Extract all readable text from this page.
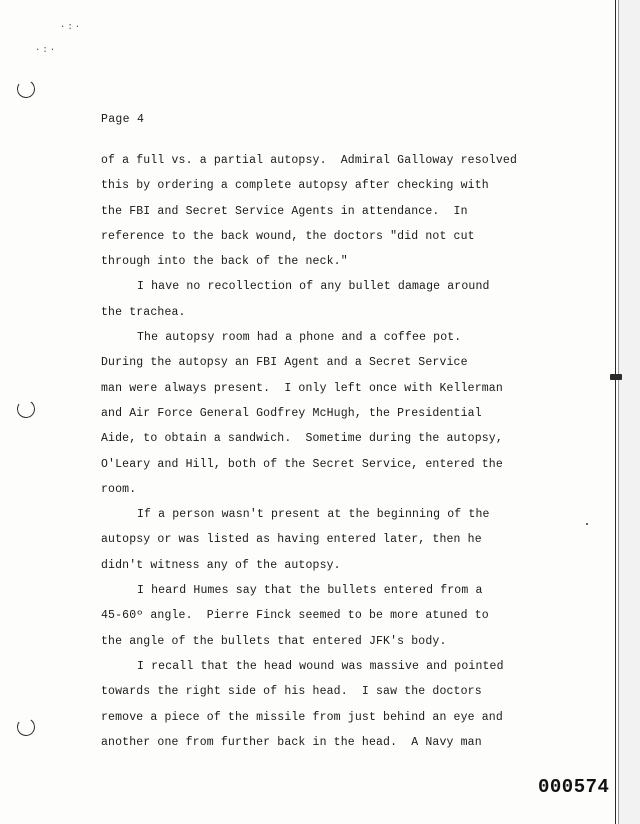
·:·
·:·
Page 4
of a full vs. a partial autopsy.  Admiral Galloway resolved
this by ordering a complete autopsy after checking with
the FBI and Secret Service Agents in attendance.  In
reference to the back wound, the doctors "did not cut
through into the back of the neck."
I have no recollection of any bullet damage around
the trachea.
The autopsy room had a phone and a coffee pot.
During the autopsy an FBI Agent and a Secret Service
man were always present.  I only left once with Kellerman
and Air Force General Godfrey McHugh, the Presidential
Aide, to obtain a sandwich.  Sometime during the autopsy,
O'Leary and Hill, both of the Secret Service, entered the
room.
If a person wasn't present at the beginning of the
autopsy or was listed as having entered later, then he
didn't witness any of the autopsy.
I heard Humes say that the bullets entered from a
45-60º angle.  Pierre Finck seemed to be more atuned to
the angle of the bullets that entered JFK's body.
I recall that the head wound was massive and pointed
towards the right side of his head.  I saw the doctors
remove a piece of the missile from just behind an eye and
another one from further back in the head.  A Navy man
000574
